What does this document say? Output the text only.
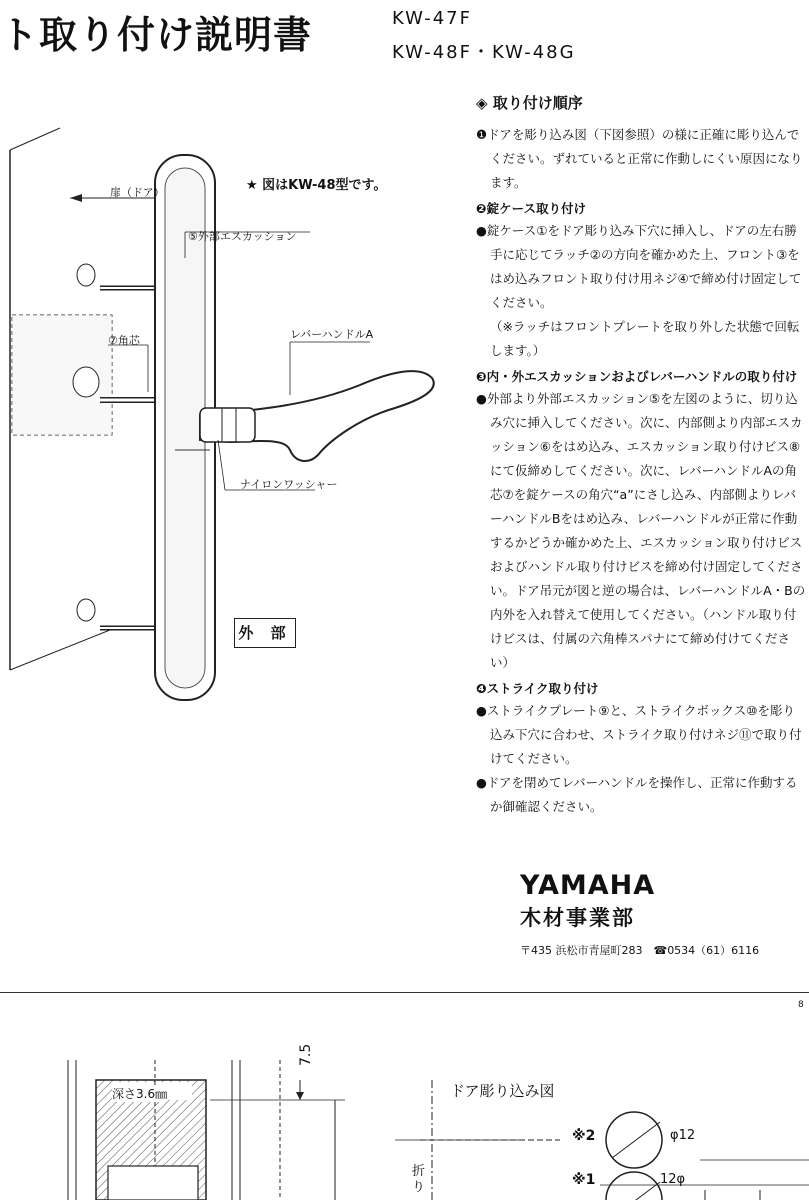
ト取り付け説明書	KW-47F
KW-48F・KW-48G
★ 図はKW-48型です。
扉（ドア）
⑤外部エスカッション
⑦角芯	レバーハンドルA
ナイロンワッシャー
外 部
◈ 取り付け順序

❶ドアを彫り込み図（下図参照）の様に正確に彫り込んでください。ずれていると正常に作動しにくい原因になります。

❷錠ケース取り付け

●錠ケース①をドア彫り込み下穴に挿入し、ドアの左右勝手に応じてラッチ②の方向を確かめた上、フロント③をはめ込みフロント取り付け用ネジ④で締め付け固定してください。

（※ラッチはフロントプレートを取り外した状態で回転します。）

❸内・外エスカッションおよびレバーハンドルの取り付け

●外部より外部エスカッション⑤を左図のように、切り込み穴に挿入してください。次に、内部側より内部エスカッション⑥をはめ込み、エスカッション取り付けビス⑧にて仮締めしてください。次に、レバーハンドルAの角芯⑦を錠ケースの角穴“a”にさし込み、内部側よりレバーハンドルBをはめ込み、レバーハンドルが正常に作動するかどうか確かめた上、エスカッション取り付けビスおよびハンドル取り付けビスを締め付け固定してください。ドア吊元が図と逆の場合は、レバーハンドルA・Bの内外を入れ替えて使用してください。（ハンドル取り付けビスは、付属の六角棒スパナにて締め付けてください）

❹ストライク取り付け

●ストライクプレート⑨と、ストライクボックス⑩を彫り込み下穴に合わせ、ストライク取り付けネジ⑪で取り付けてください。

●ドアを閉めてレバーハンドルを操作し、正常に作動するか御確認ください。

YAMAHA
木材事業部
〒435 浜松市青屋町283　☎0534（61）6116
8
深さ3.6㎜
7.5
ドア彫り込み図
※2
※1
φ12
12φ
折り
